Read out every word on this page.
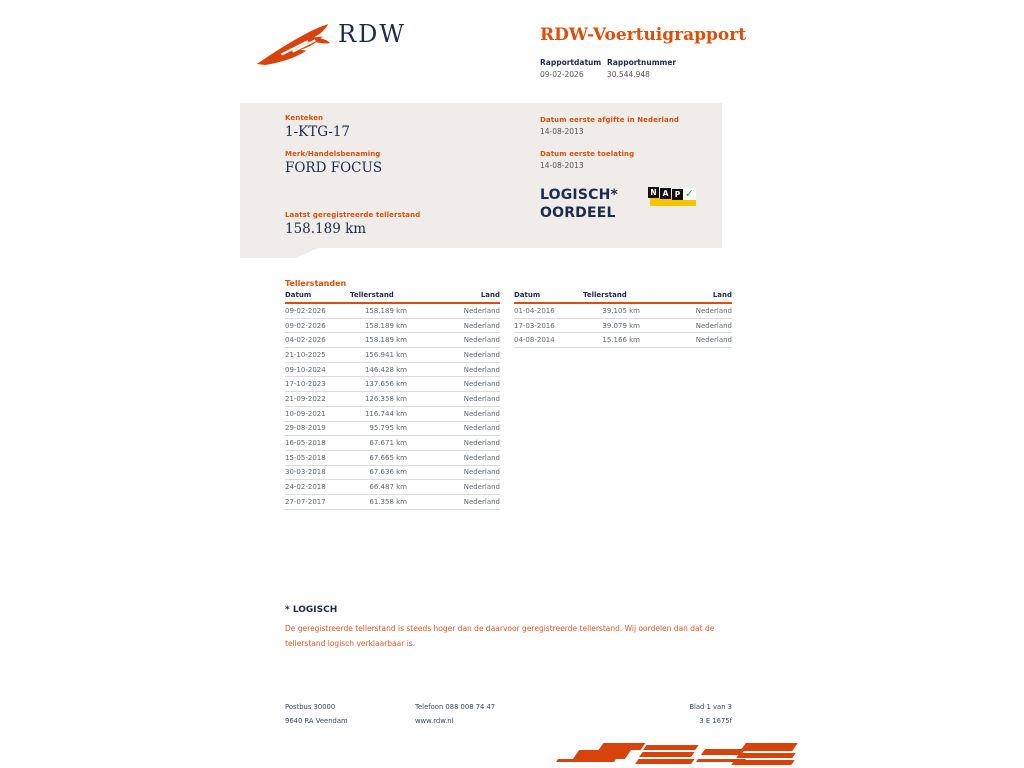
RDW	RDW-Voertuigrapport
Rapportdatum Rapportnummer
09-02-2026	30.544.948
Kenteken
1-KTG-17
Merk/Handelsbenaming
FORD FOCUS
Laatst geregistreerde tellerstand
158.189 km
Datum eerste afgifte in Nederland
14-08-2013
Datum eerste toelating
14-08-2013
LOGISCH*
OORDEEL
N A P ✓
Tellerstanden
Datum	Tellerstand	Land
09-02-2026	158.189 km	Nederland
09-02-2026	158.189 km	Nederland
04-02-2026	158.189 km	Nederland
21-10-2025	156.941 km	Nederland
09-10-2024	146.428 km	Nederland
17-10-2023	137.656 km	Nederland
21-09-2022	126.358 km	Nederland
10-09-2021	116.744 km	Nederland
29-08-2019	95.795 km	Nederland
16-05-2018	67.671 km	Nederland
15-05-2018	67.665 km	Nederland
30-03-2018	67.636 km	Nederland
24-02-2018	66.487 km	Nederland
27-07-2017	61.358 km	Nederland
Datum	Tellerstand	Land
01-04-2016	39.105 km	Nederland
17-03-2016	39.079 km	Nederland
04-08-2014	15.166 km	Nederland
* LOGISCH
De geregistreerde tellerstand is steeds hoger dan de daarvoor geregistreerde tellerstand. Wij oordelen dan dat de tellerstand logisch verklaarbaar is.
Postbus 30000
9640 RA Veendam
Telefoon 088 008 74 47
www.rdw.nl
Blad 1 van 3
3 E 1675f
